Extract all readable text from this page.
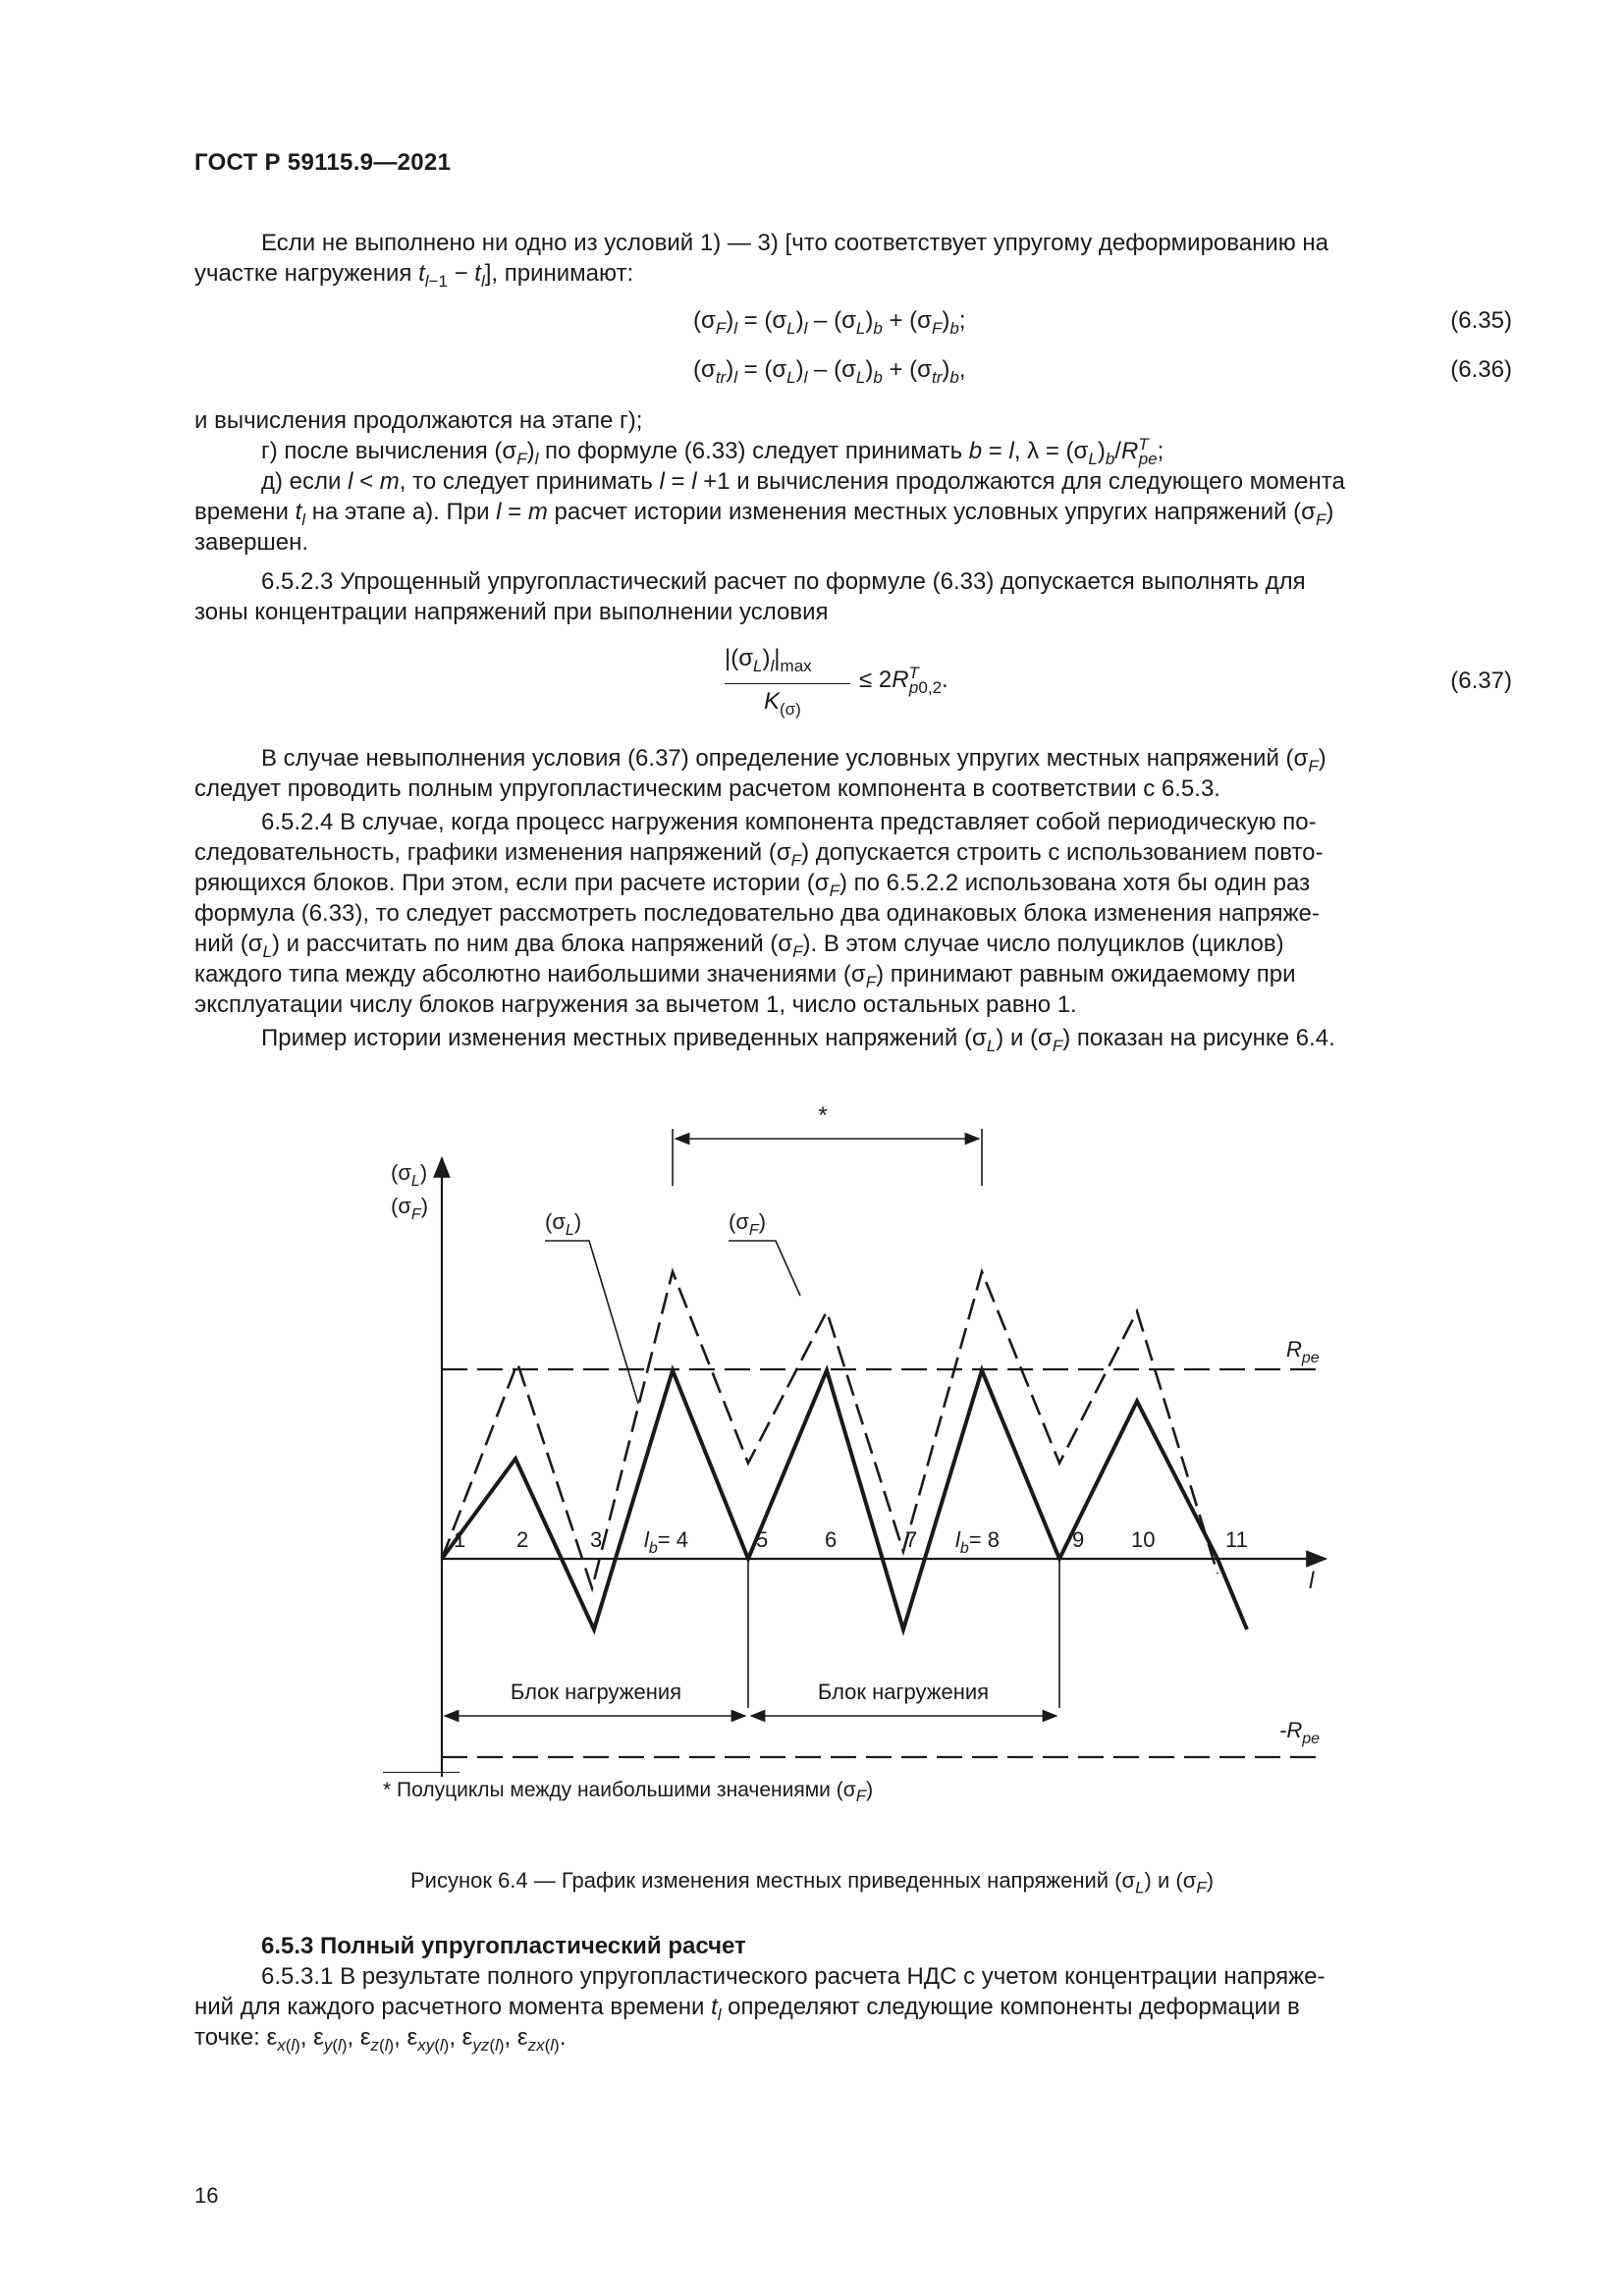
ГОСТ Р 59115.9—2021
Если не выполнено ни одно из условий 1) — 3) [что соответствует упругому деформированию на
участке нагружения $t_{l-1} - t_l$], принимают:
$(\sigma_F)_l = (\sigma_L)_l - (\sigma_L)_b + (\sigma_F)_b$;	(6.35)
$(\sigma_{tr})_l = (\sigma_L)_l - (\sigma_L)_b + (\sigma_{tr})_b$,	(6.36)
и вычисления продолжаются на этапе г);
г) после вычисления $(\sigma_F)_l$ по формуле (6.33) следует принимать b = l, $\lambda = (\sigma_L)_b/R^T_{pe}$;
д) если l < m, то следует принимать l = l +1 и вычисления продолжаются для следующего момента
времени $t_l$ на этапе а). При l = m расчет истории изменения местных условных упругих напряжений $(\sigma_F)$
завершен.
6.5.2.3 Упрощенный упругопластический расчет по формуле (6.33) допускается выполнять для
зоны концентрации напряжений при выполнении условия
$|(\sigma_L)_l|_{max}$
$K_{(\sigma)}$
≤ $2R^T_{p0,2}$.	(6.37)
В случае невыполнения условия (6.37) определение условных упругих местных напряжений $(\sigma_F)$
следует проводить полным упругопластическим расчетом компонента в соответствии с 6.5.3.
6.5.2.4 В случае, когда процесс нагружения компонента представляет собой периодическую по-
следовательность, графики изменения напряжений $(\sigma_F)$ допускается строить с использованием повто-
ряющихся блоков. При этом, если при расчете истории $(\sigma_F)$ по 6.5.2.2 использована хотя бы один раз
формула (6.33), то следует рассмотреть последовательно два одинаковых блока изменения напряже-
ний $(\sigma_L)$ и рассчитать по ним два блока напряжений $(\sigma_F)$. В этом случае число полуциклов (циклов)
каждого типа между абсолютно наибольшими значениями $(\sigma_F)$ принимают равным ожидаемому при
эксплуатации числу блоков нагружения за вычетом 1, число остальных равно 1.
Пример истории изменения местных приведенных напряжений $(\sigma_L)$ и $(\sigma_F)$ показан на рисунке 6.4.
*
Блок нагружения	Блок нагружения
$(\sigma_L)$	$(\sigma_F)$
$(\sigma_L)$
$(\sigma_F)$
$R_{pe}$
$-R_{pe}$
l
1 2	3	5	6	7	9 10	11
$l_b= 4$	$l_b= 8$
* Полуциклы между наибольшими значениями $(\sigma_F)$
Рисунок 6.4 — График изменения местных приведенных напряжений $(\sigma_L)$ и $(\sigma_F)$
6.5.3 Полный упругопластический расчет
6.5.3.1 В результате полного упругопластического расчета НДС с учетом концентрации напряже-
ний для каждого расчетного момента времени $t_l$ определяют следующие компоненты деформации в
точке: $\varepsilon_{x(l)}$, $\varepsilon_{y(l)}$, $\varepsilon_{z(l)}$, $\varepsilon_{xy(l)}$, $\varepsilon_{yz(l)}$, $\varepsilon_{zx(l)}$.
16
